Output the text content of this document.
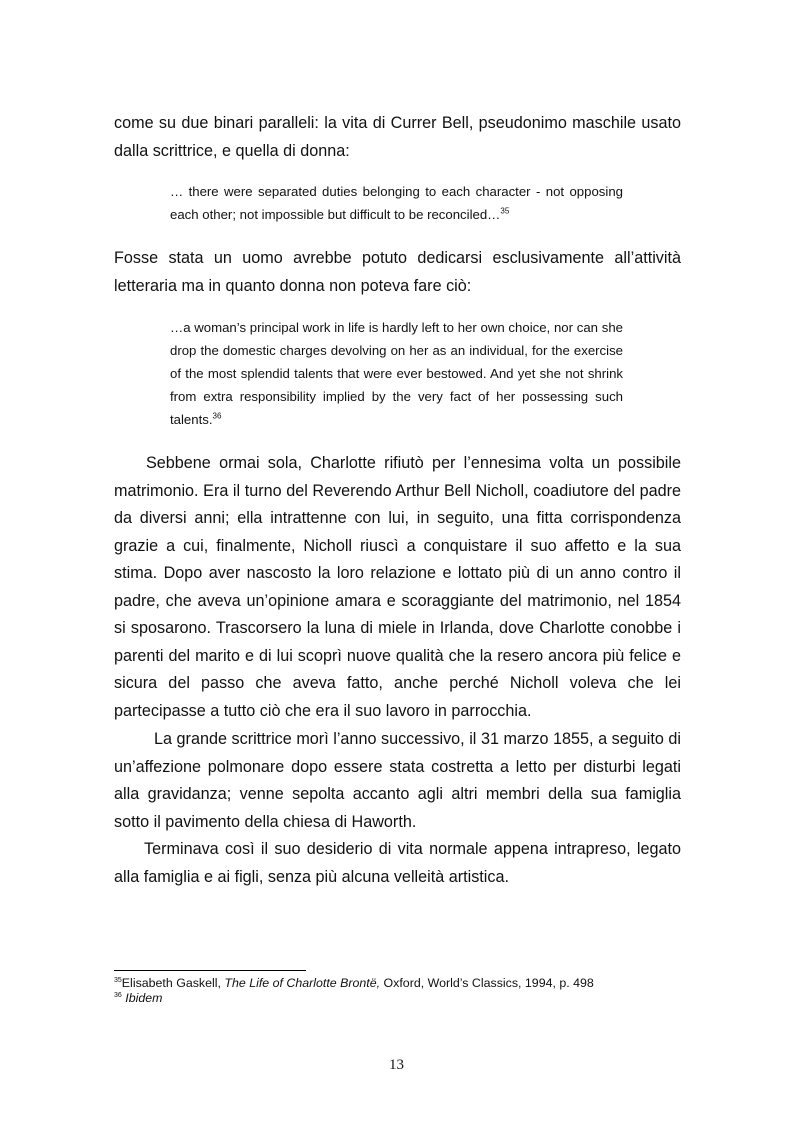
come su due binari paralleli: la vita di Currer Bell, pseudonimo maschile usato dalla scrittrice, e quella di donna:

… there were separated duties belonging to each character - not opposing each other; not impossible but difficult to be reconciled…$^{35}$

Fosse stata un uomo avrebbe potuto dedicarsi esclusivamente all’attività letteraria ma in quanto donna non poteva fare ciò:

…a woman’s principal work in life is hardly left to her own choice, nor can she drop the domestic charges devolving on her as an individual, for the exercise of the most splendid talents that were ever bestowed. And yet she not shrink from extra responsibility implied by the very fact of her possessing such talents.$^{36}$

Sebbene ormai sola, Charlotte rifiutò per l’ennesima volta un possibile matrimonio. Era il turno del Reverendo Arthur Bell Nicholl, coadiutore del padre da diversi anni; ella intrattenne con lui, in seguito, una fitta corrispondenza grazie a cui, finalmente, Nicholl riuscì a conquistare il suo affetto e la sua stima. Dopo aver nascosto la loro relazione e lottato più di un anno contro il padre, che aveva un’opinione amara e scoraggiante del matrimonio, nel 1854 si sposarono. Trascorsero la luna di miele in Irlanda, dove Charlotte conobbe i parenti del marito e di lui scoprì nuove qualità che la resero ancora più felice e sicura del passo che aveva fatto, anche perché Nicholl voleva che lei partecipasse a tutto ciò che era il suo lavoro in parrocchia.

La grande scrittrice morì l’anno successivo, il 31 marzo 1855, a seguito di un’affezione polmonare dopo essere stata costretta a letto per disturbi legati alla gravidanza; venne sepolta accanto agli altri membri della sua famiglia sotto il pavimento della chiesa di Haworth.

Terminava così il suo desiderio di vita normale appena intrapreso, legato alla famiglia e ai figli, senza più alcuna velleità artistica.

$^{35}$Elisabeth Gaskell, The Life of Charlotte Brontë, Oxford, World’s Classics, 1994, p. 498
$^{36}$ Ibidem
13
